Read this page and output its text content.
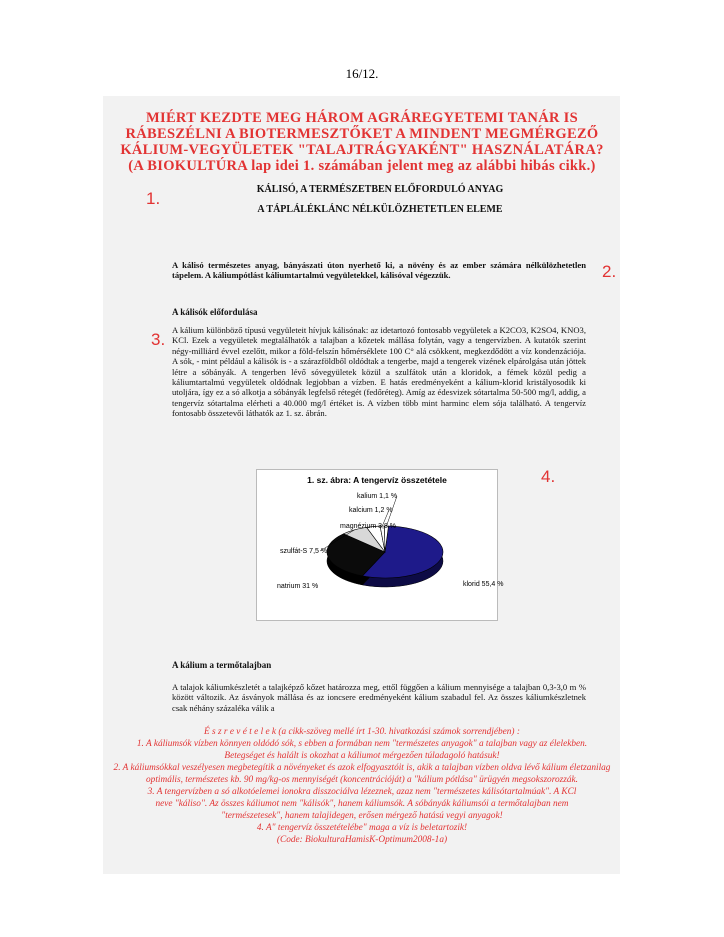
16/12.
MIÉRT KEZDTE MEG HÁROM AGRÁREGYETEMI TANÁR IS
RÁBESZÉLNI A BIOTERMESZTŐKET A MINDENT MEGMÉRGEZŐ
KÁLIUM-VEGYÜLETEK "TALAJTRÁGYAKÉNT" HASZNÁLATÁRA?
(A BIOKULTÚRA lap idei 1. számában jelent meg az alábbi hibás cikk.)
1.
2.
3.
4.
KÁLISÓ, A TERMÉSZETBEN ELŐFORDULÓ ANYAG
A TÁPLÁLÉKLÁNC NÉLKÜLÖZHETETLEN ELEME
A kálisó természetes anyag, bányászati úton nyerhető ki, a növény és az ember számára nélkülözhetetlen tápelem. A káliumpótlást káliumtartalmú vegyületekkel, kálisóval végezzük.
A kálisók előfordulása
A kálium különböző típusú vegyületeit hívjuk kálisónak: az idetartozó fontosabb vegyületek a K2CO3, K2SO4, KNO3, KCl. Ezek a vegyületek megtalálhatók a talajban a kőzetek mállása folytán, vagy a tengervízben. A kutatók szerint négy-milliárd évvel ezelőtt, mikor a föld-felszín hőmérséklete 100 C° alá csökkent, megkezdődött a víz kondenzációja. A sók, - mint például a kálisók is - a szárazföldből oldódtak a tengerbe, majd a tengerek vizének elpárolgása után jöttek létre a sóbányák. A tengerben lévő sóvegyületek közül a szulfátok után a kloridok, a fémek közül pedig a káliumtartalmú vegyületek oldódnak legjobban a vízben. E hatás eredményeként a kálium-klorid kristályosodik ki utoljára, így ez a só alkotja a sóbányák legfelső rétegét (fedőréteg). Amíg az édesvizek sótartalma 50-500 mg/l, addig, a tengervíz sótartalma elérheti a 40.000 mg/l értéket is. A vízben több mint harminc elem sója található. A tengervíz fontosabb összetevői láthatók az 1. sz. ábrán.
1. sz. ábra: A tengervíz összetétele
klorid 55,4 %
natrium 31 %
szulfát-S 7,5 %
magnézium 3,8 %
kalcium 1,2 %
kalium 1,1 %
A kálium a termőtalajban
A talajok káliumkészletét a talajképző kőzet határozza meg, ettől függően a kálium mennyisége a talajban 0,3-3,0 m % között változik. Az ásványok mállása és az ioncsere eredményeként kálium szabadul fel. Az összes káliumkészletnek csak néhány százaléka válik a
É s z r e v é t e l e k (a cikk-szöveg mellé írt 1-30. hivatkozási számok sorrendjében) :
1. A káliumsók vízben könnyen oldódó sók, s ebben a formában nem "természetes anyagok" a talajban vagy az élelekben.
Betegséget és halált is okozhat a káliumot mérgezően túladagoló hatásuk!
2. A káliumsókkal veszélyesen megbetegítik a növényeket és azok elfogyasztóit is, akik a talajban vízben oldva lévő kálium életzanilag
optimális, természetes kb. 90 mg/kg-os mennyiségét (koncentrációját) a "kálium pótlása" ürügyén megsokszorozzák.
3. A tengervízben a só alkotóelemei ionokra disszociálva lézeznek, azaz nem "természetes kálisótartalmúak". A KCl
neve "káliso". Az összes káliumot nem "kálisók", hanem káliumsók. A sóbányák káliumsói a termőtalajban nem
"természetesek", hanem talajidegen, erősen mérgező hatású vegyi anyagok!
4. A" tengervíz összetételébe" maga a víz is beletartozik!
(Code: BiokulturaHamisK-Optimum2008-1a)
